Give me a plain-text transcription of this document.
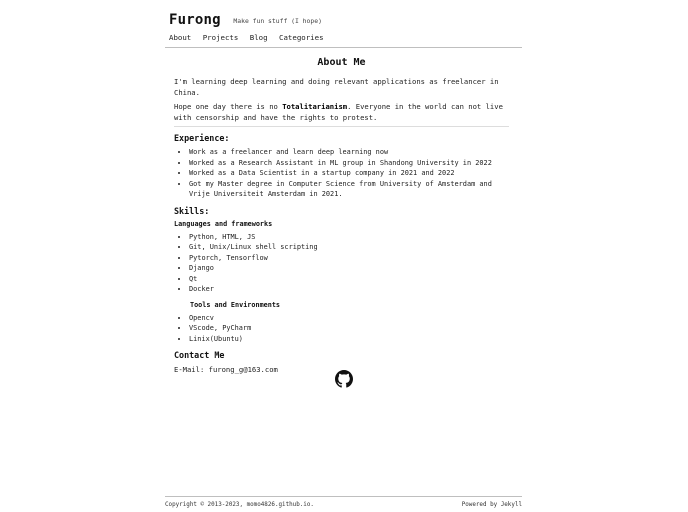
Furong Make fun stuff (I hope)
About Projects Blog Categories
About Me

I'm learning deep learning and doing relevant applications as freelancer in China.

Hope one day there is no Totalitarianism. Everyone in the world can not live with censorship and have the rights to protest.

Experience:
• Work as a freelancer and learn deep learning now
• Worked as a Research Assistant in ML group in Shandong University in 2022
• Worked as a Data Scientist in a startup company in 2021 and 2022
• Got my Master degree in Computer Science from University of Amsterdam and Vrije Universiteit Amsterdam in 2021.
Skills:
Languages and frameworks
• Python, HTML, JS
• Git, Unix/Linux shell scripting
• Pytorch, Tensorflow
• Django
• Qt
• Docker
Tools and Environments
• Opencv
• VScode, PyCharm
• Linix(Ubuntu)
Contact Me

E-Mail: furong_g@163.com

Copyright © 2013-2023, momo4826.github.io.	Powered by Jekyll
